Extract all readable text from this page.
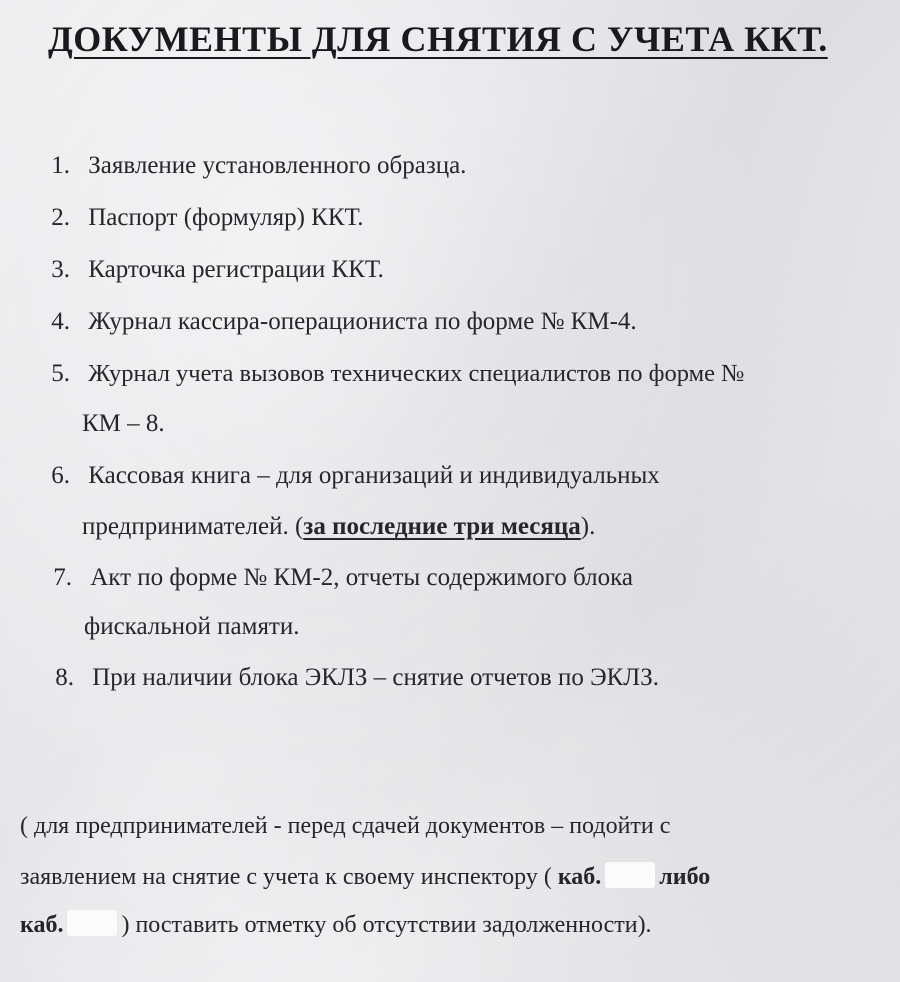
ДОКУМЕНТЫ ДЛЯ СНЯТИЯ С УЧЕТА ККТ.
1. Заявление установленного образца.
2. Паспорт (формуляр) ККТ.
3. Карточка регистрации ККТ.
4. Журнал кассира-операциониста по форме № КМ-4.
5. Журнал учета вызовов технических специалистов по форме №
КМ – 8.
6. Кассовая книга – для организаций и индивидуальных
предпринимателей. (за последние три месяца).
7. Акт по форме № КМ-2, отчеты содержимого блока
фискальной памяти.
8. При наличии блока ЭКЛЗ – снятие отчетов по ЭКЛЗ.
( для предпринимателей - перед сдачей документов – подойти с
заявлением на снятие с учета к своему инспектору ( каб. либо
каб. ) поставить отметку об отсутствии задолженности).
